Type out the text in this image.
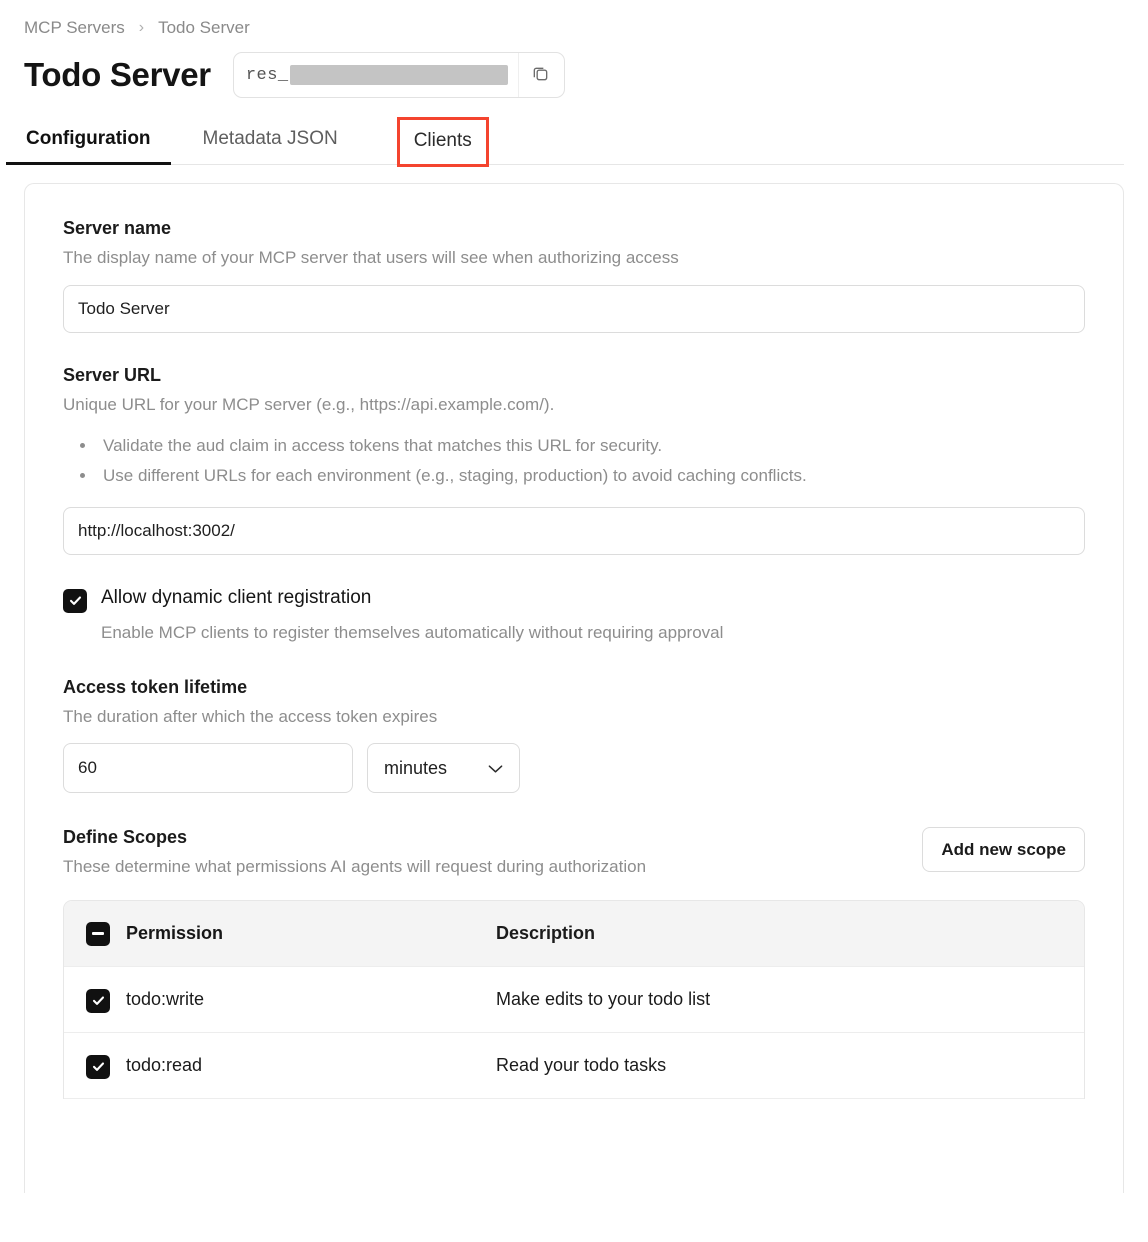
MCP Servers › Todo Server
Todo Server res_
Configuration	Metadata JSON	Clients

Server name

The display name of your MCP server that users will see when authorizing access

Todo Server

Server URL

Unique URL for your MCP server (e.g., https://api.example.com/).

• Validate the aud claim in access tokens that matches this URL for security.
• Use different URLs for each environment (e.g., staging, production) to avoid caching conflicts.
http://localhost:3002/
Allow dynamic client registration

Enable MCP clients to register themselves automatically without requiring approval

Access token lifetime

The duration after which the access token expires

60
minutes

Define Scopes

These determine what permissions AI agents will request during authorization

Add new scope
Permission	Description
todo:write	Make edits to your todo list
todo:read	Read your todo tasks
